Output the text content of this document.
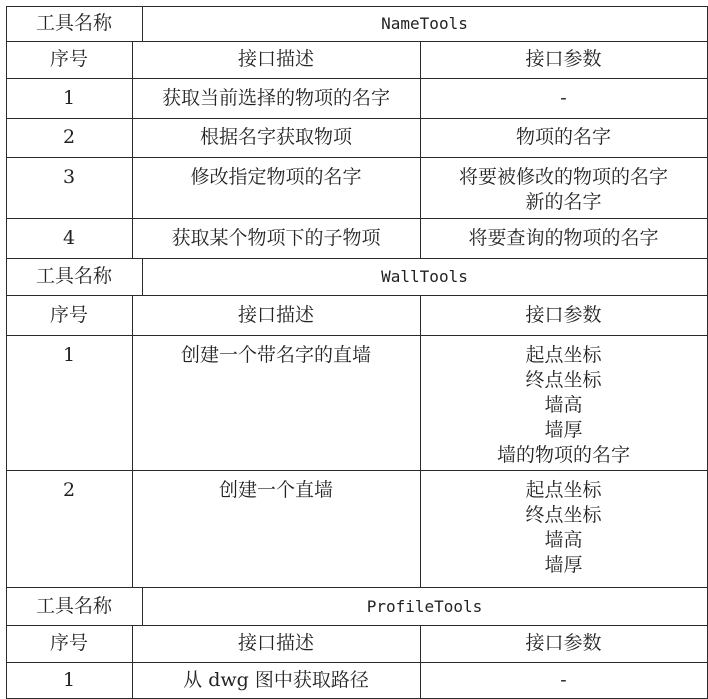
工具名称	NameTools
序号	接口描述	接口参数
1	获取当前选择的物项的名字	-
2	根据名字获取物项	物项的名字
3	修改指定物项的名字	将要被修改的物项的名字
新的名字
4	获取某个物项下的子物项	将要查询的物项的名字
工具名称	WallTools
序号	接口描述	接口参数
1	创建一个带名字的直墙	起点坐标
终点坐标
墙高
墙厚
墙的物项的名字
2	创建一个直墙	起点坐标
终点坐标
墙高
墙厚
工具名称	ProfileTools
序号	接口描述	接口参数
1	从 dwg 图中获取路径	-
